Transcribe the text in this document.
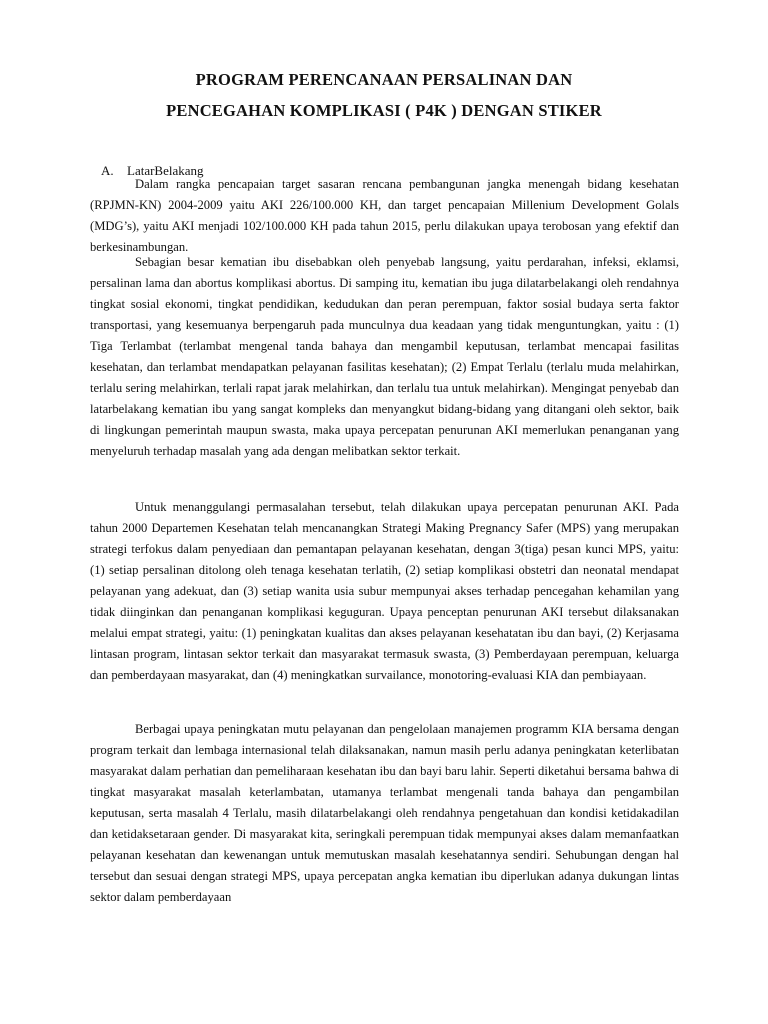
PROGRAM PERENCANAAN PERSALINAN DAN
PENCEGAHAN KOMPLIKASI ( P4K ) DENGAN STIKER
A. LatarBelakang

Dalam rangka pencapaian target sasaran rencana pembangunan jangka menengah bidang kesehatan (RPJMN-KN) 2004-2009 yaitu AKI 226/100.000 KH, dan target pencapaian Millenium Development Golals (MDG’s), yaitu AKI menjadi 102/100.000 KH pada tahun 2015, perlu dilakukan upaya terobosan yang efektif dan berkesinambungan.

Sebagian besar kematian ibu disebabkan oleh penyebab langsung, yaitu perdarahan, infeksi, eklamsi, persalinan lama dan abortus komplikasi abortus. Di samping itu, kematian ibu juga dilatarbelakangi oleh rendahnya tingkat sosial ekonomi, tingkat pendidikan, kedudukan dan peran perempuan, faktor sosial budaya serta faktor transportasi, yang kesemuanya berpengaruh pada munculnya dua keadaan yang tidak menguntungkan, yaitu : (1) Tiga Terlambat (terlambat mengenal tanda bahaya dan mengambil keputusan, terlambat mencapai fasilitas kesehatan, dan terlambat mendapatkan pelayanan fasilitas kesehatan); (2) Empat Terlalu (terlalu muda melahirkan, terlalu sering melahirkan, terlali rapat jarak melahirkan, dan terlalu tua untuk melahirkan). Mengingat penyebab dan latarbelakang kematian ibu yang sangat kompleks dan menyangkut bidang-bidang yang ditangani oleh sektor, baik di lingkungan pemerintah maupun swasta, maka upaya percepatan penurunan AKI memerlukan penanganan yang menyeluruh terhadap masalah yang ada dengan melibatkan sektor terkait.

Untuk menanggulangi permasalahan tersebut, telah dilakukan upaya percepatan penurunan AKI. Pada tahun 2000 Departemen Kesehatan telah mencanangkan Strategi Making Pregnancy Safer (MPS) yang merupakan strategi terfokus dalam penyediaan dan pemantapan pelayanan kesehatan, dengan 3(tiga) pesan kunci MPS, yaitu: (1) setiap persalinan ditolong oleh tenaga kesehatan terlatih, (2) setiap komplikasi obstetri dan neonatal mendapat pelayanan yang adekuat, dan (3) setiap wanita usia subur mempunyai akses terhadap pencegahan kehamilan yang tidak diinginkan dan penanganan komplikasi keguguran. Upaya penceptan penurunan AKI tersebut dilaksanakan melalui empat strategi, yaitu: (1) peningkatan kualitas dan akses pelayanan kesehatatan ibu dan bayi, (2) Kerjasama lintasan program, lintasan sektor terkait dan masyarakat termasuk swasta, (3) Pemberdayaan perempuan, keluarga dan pemberdayaan masyarakat, dan (4) meningkatkan survailance, monotoring-evaluasi KIA dan pembiayaan.

Berbagai upaya peningkatan mutu pelayanan dan pengelolaan manajemen programm KIA bersama dengan program terkait dan lembaga internasional telah dilaksanakan, namun masih perlu adanya peningkatan keterlibatan masyarakat dalam perhatian dan pemeliharaan kesehatan ibu dan bayi baru lahir. Seperti diketahui bersama bahwa di tingkat masyarakat masalah keterlambatan, utamanya terlambat mengenali tanda bahaya dan pengambilan keputusan, serta masalah 4 Terlalu, masih dilatarbelakangi oleh rendahnya pengetahuan dan kondisi ketidakadilan dan ketidaksetaraan gender. Di masyarakat kita, seringkali perempuan tidak mempunyai akses dalam memanfaatkan pelayanan kesehatan dan kewenangan untuk memutuskan masalah kesehatannya sendiri. Sehubungan dengan hal tersebut dan sesuai dengan strategi MPS, upaya percepatan angka kematian ibu diperlukan adanya dukungan lintas sektor dalam pemberdayaan
